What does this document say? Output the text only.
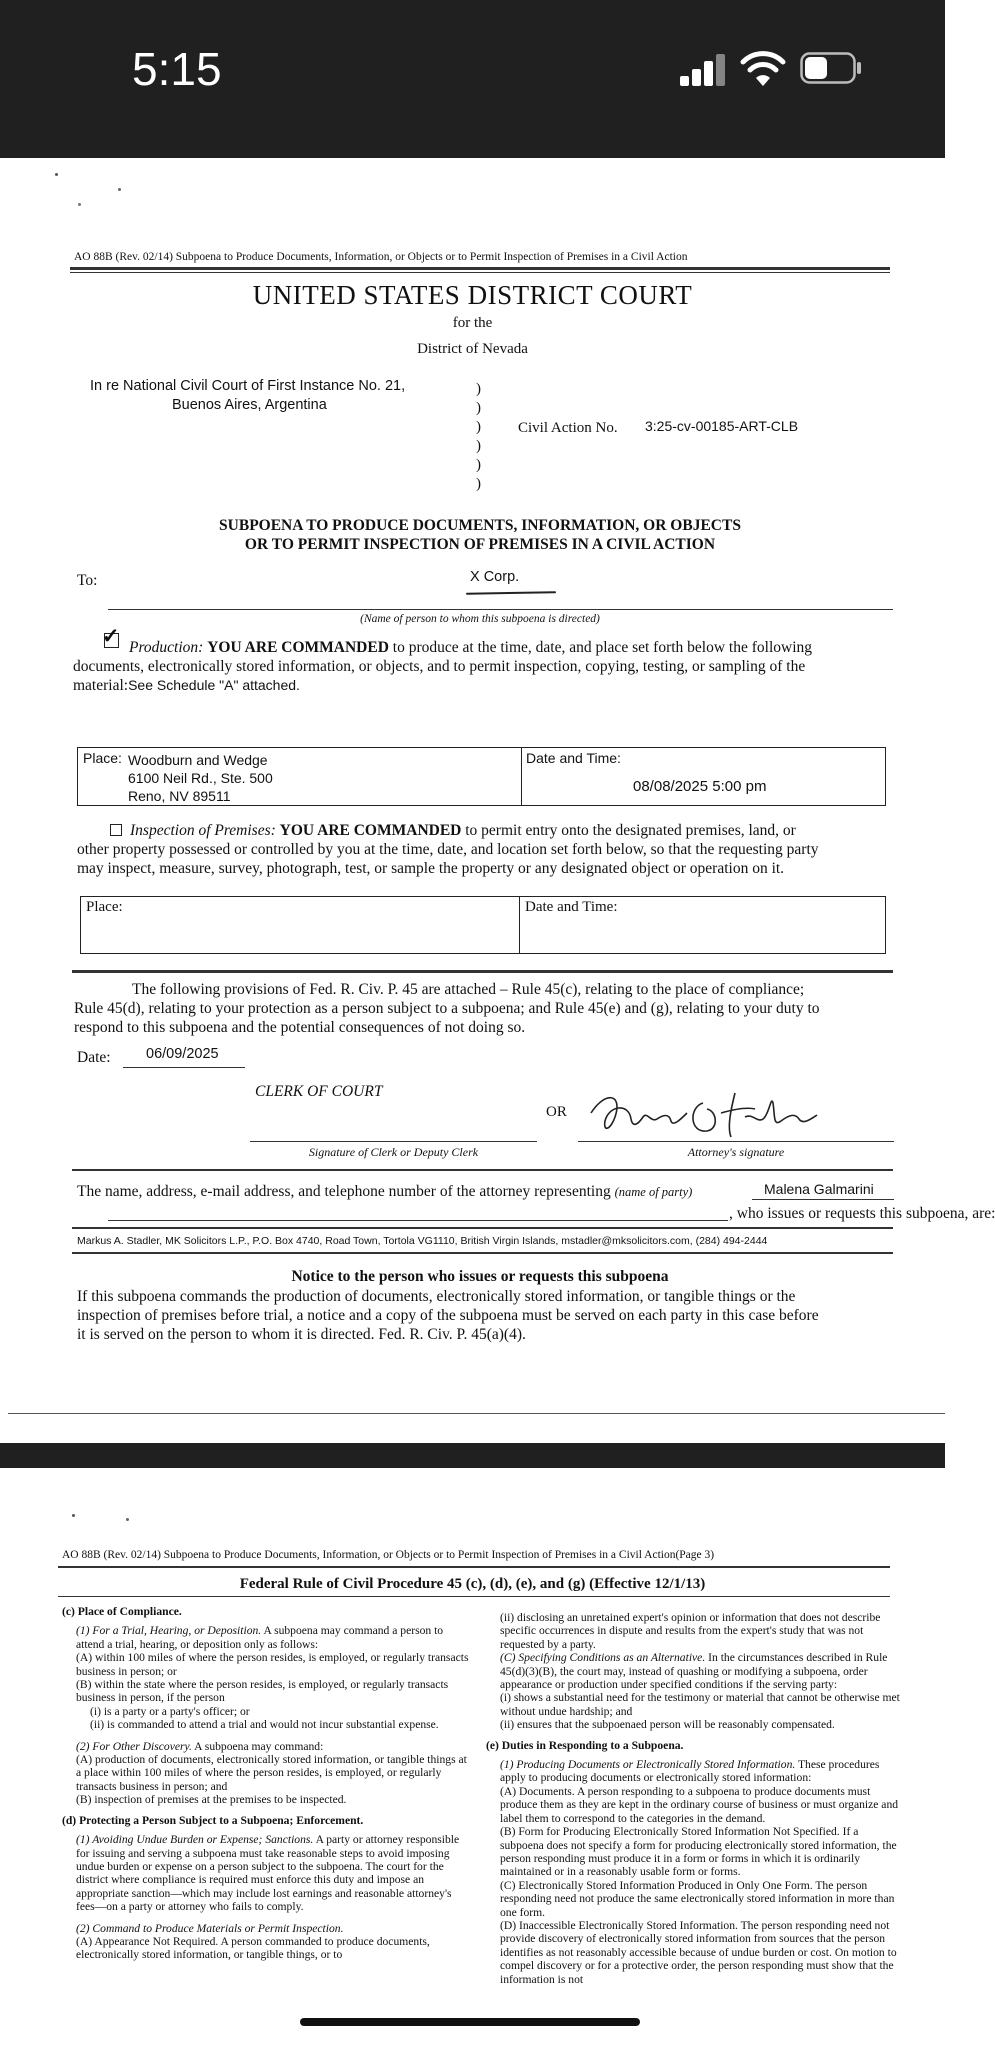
5:15
AO 88B (Rev. 02/14) Subpoena to Produce Documents, Information, or Objects or to Permit Inspection of Premises in a Civil Action
UNITED STATES DISTRICT COURT
for the
District of Nevada
In re National Civil Court of First Instance No. 21,
Buenos Aires, Argentina
)
)
)
)
)
)
Civil Action No. 3:25-cv-00185-ART-CLB
SUBPOENA TO PRODUCE DOCUMENTS, INFORMATION, OR OBJECTS
OR TO PERMIT INSPECTION OF PREMISES IN A CIVIL ACTION
To:	X Corp.
(Name of person to whom this subpoena is directed)
✓ Production: YOU ARE COMMANDED to produce at the time, date, and place set forth below the following
documents, electronically stored information, or objects, and to permit inspection, copying, testing, or sampling of the
material:See Schedule "A" attached.
Place: Woodburn and Wedge
6100 Neil Rd., Ste. 500
Reno, NV 89511
Date and Time:
08/08/2025 5:00 pm
Inspection of Premises: YOU ARE COMMANDED to permit entry onto the designated premises, land, or
other property possessed or controlled by you at the time, date, and location set forth below, so that the requesting party
may inspect, measure, survey, photograph, test, or sample the property or any designated object or operation on it.
Place:	Date and Time:
The following provisions of Fed. R. Civ. P. 45 are attached – Rule 45(c), relating to the place of compliance;
Rule 45(d), relating to your protection as a person subject to a subpoena; and Rule 45(e) and (g), relating to your duty to
respond to this subpoena and the potential consequences of not doing so.
Date: 06/09/2025
CLERK OF COURT
Signature of Clerk or Deputy Clerk
OR
Attorney's signature
The name, address, e-mail address, and telephone number of the attorney representing (name of party)	Malena Galmarini
, who issues or requests this subpoena, are:
Markus A. Stadler, MK Solicitors L.P., P.O. Box 4740, Road Town, Tortola VG1110, British Virgin Islands, mstadler@mksolicitors.com, (284) 494-2444
Notice to the person who issues or requests this subpoena
If this subpoena commands the production of documents, electronically stored information, or tangible things or the
inspection of premises before trial, a notice and a copy of the subpoena must be served on each party in this case before
it is served on the person to whom it is directed. Fed. R. Civ. P. 45(a)(4).
AO 88B (Rev. 02/14) Subpoena to Produce Documents, Information, or Objects or to Permit Inspection of Premises in a Civil Action(Page 3)
Federal Rule of Civil Procedure 45 (c), (d), (e), and (g) (Effective 12/1/13)

(c) Place of Compliance.

(1) For a Trial, Hearing, or Deposition. A subpoena may command a person to attend a trial, hearing, or deposition only as follows:

(A) within 100 miles of where the person resides, is employed, or regularly transacts business in person; or

(B) within the state where the person resides, is employed, or regularly transacts business in person, if the person

(i) is a party or a party's officer; or

(ii) is commanded to attend a trial and would not incur substantial expense.

(2) For Other Discovery. A subpoena may command:

(A) production of documents, electronically stored information, or tangible things at a place within 100 miles of where the person resides, is employed, or regularly transacts business in person; and

(B) inspection of premises at the premises to be inspected.

(d) Protecting a Person Subject to a Subpoena; Enforcement.

(1) Avoiding Undue Burden or Expense; Sanctions. A party or attorney responsible for issuing and serving a subpoena must take reasonable steps to avoid imposing undue burden or expense on a person subject to the subpoena. The court for the district where compliance is required must enforce this duty and impose an appropriate sanction—which may include lost earnings and reasonable attorney's fees—on a party or attorney who fails to comply.

(2) Command to Produce Materials or Permit Inspection.

(A) Appearance Not Required. A person commanded to produce documents, electronically stored information, or tangible things, or to

(ii) disclosing an unretained expert's opinion or information that does not describe specific occurrences in dispute and results from the expert's study that was not requested by a party.

(C) Specifying Conditions as an Alternative. In the circumstances described in Rule 45(d)(3)(B), the court may, instead of quashing or modifying a subpoena, order appearance or production under specified conditions if the serving party:

(i) shows a substantial need for the testimony or material that cannot be otherwise met without undue hardship; and

(ii) ensures that the subpoenaed person will be reasonably compensated.

(e) Duties in Responding to a Subpoena.

(1) Producing Documents or Electronically Stored Information. These procedures apply to producing documents or electronically stored information:

(A) Documents. A person responding to a subpoena to produce documents must produce them as they are kept in the ordinary course of business or must organize and label them to correspond to the categories in the demand.

(B) Form for Producing Electronically Stored Information Not Specified. If a subpoena does not specify a form for producing electronically stored information, the person responding must produce it in a form or forms in which it is ordinarily maintained or in a reasonably usable form or forms.

(C) Electronically Stored Information Produced in Only One Form. The person responding need not produce the same electronically stored information in more than one form.

(D) Inaccessible Electronically Stored Information. The person responding need not provide discovery of electronically stored information from sources that the person identifies as not reasonably accessible because of undue burden or cost. On motion to compel discovery or for a protective order, the person responding must show that the information is not
